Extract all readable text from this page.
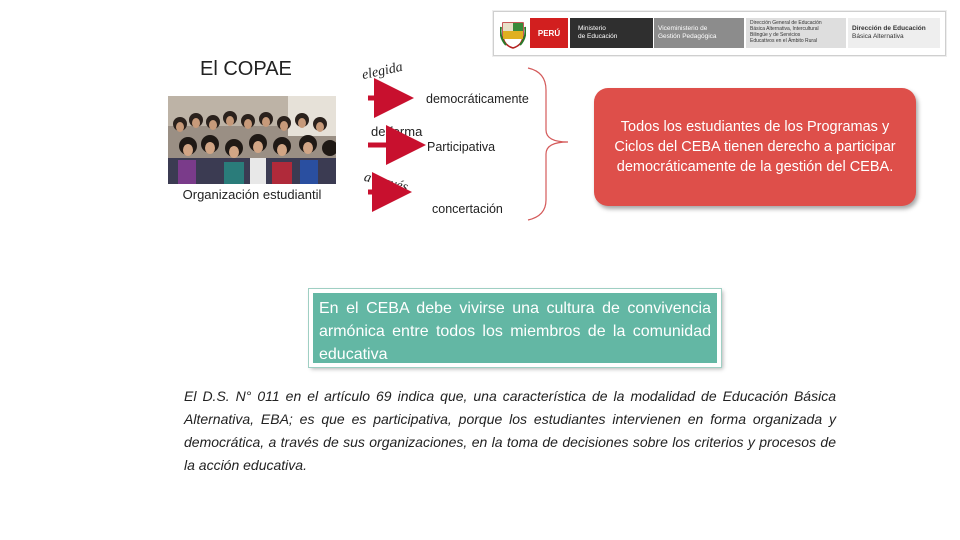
PERÚ	Ministerio
de Educación
Viceministerio de
Gestión Pedagógica
Dirección General de Educación
Básica Alternativa, Intercultural
Bilingüe y de Servicios
Educativos en el Ámbito Rural
Dirección de Educación
Básica Alternativa
El COPAE
Organización estudiantil
elegida
democráticamente
de forma
Participativa
a través
concertación
Todos los estudiantes de los Programas y Ciclos del CEBA tienen derecho a participar democráticamente de la gestión del CEBA.
En el CEBA debe vivirse una cultura de convivencia armónica entre todos los miembros de la comunidad educativa
El D.S. N° 011 en el artículo 69 indica que, una característica de la modalidad de Educación Básica Alternativa, EBA; es que es participativa, porque los estudiantes intervienen en forma organizada y democrática, a través de sus organizaciones, en la toma de decisiones sobre los criterios y procesos de la acción educativa.
